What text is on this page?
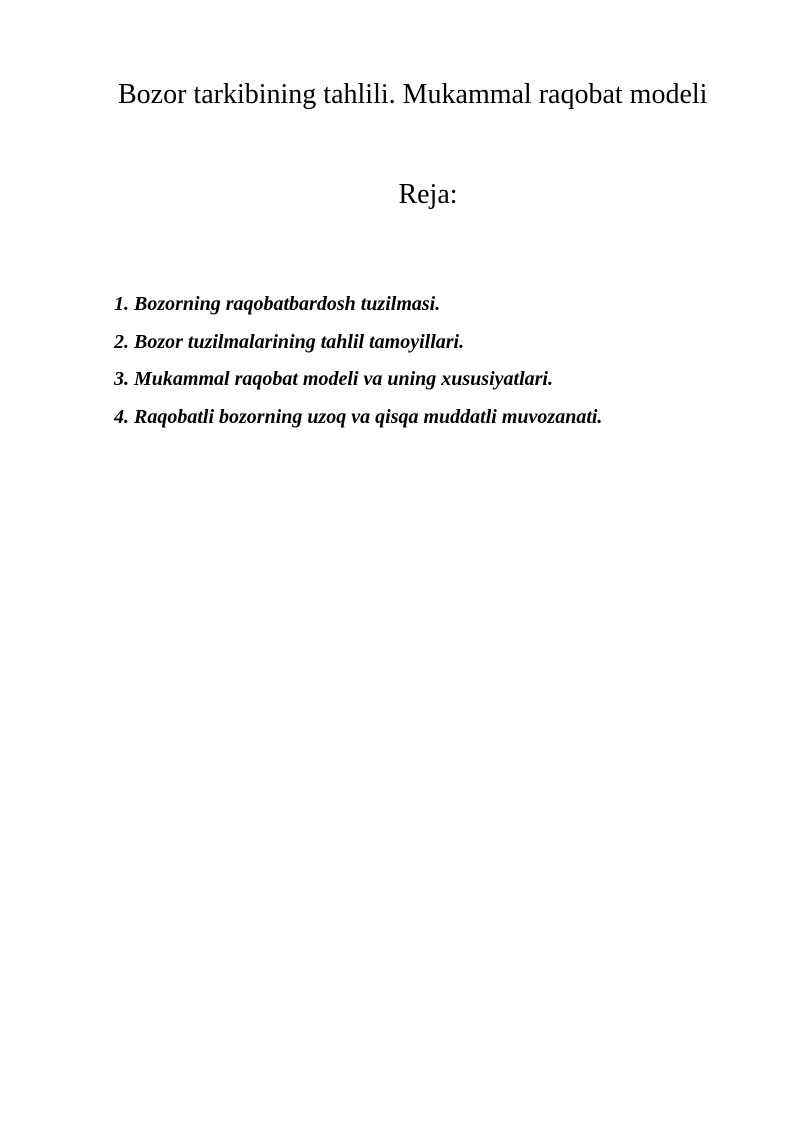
Bozor tarkibining tahlili. Mukammal raqobat modeli
Reja:
1. Bozorning raqobatbardosh tuzilmasi.
2. Bozor tuzilmalarining tahlil tamoyillari.
3. Mukammal raqobat modeli va uning xususiyatlari.
4. Raqobatli bozorning uzoq va qisqa muddatli muvozanati.
